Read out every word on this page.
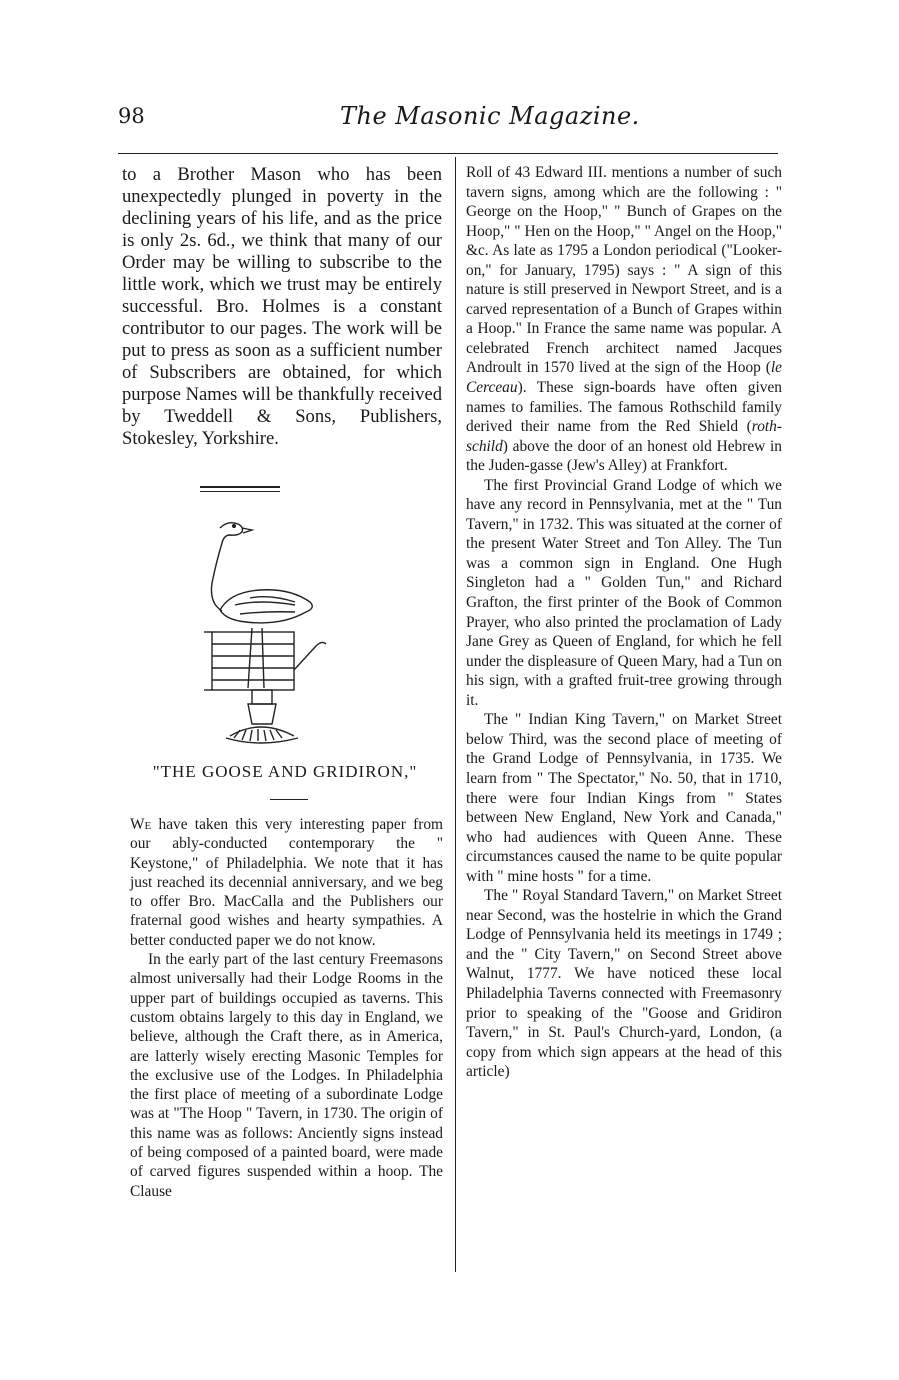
98	The Masonic Magazine.

to a Brother Mason who has been unexpectedly plunged in poverty in the declining years of his life, and as the price is only 2s. 6d., we think that many of our Order may be willing to subscribe to the little work, which we trust may be entirely successful. Bro. Holmes is a constant contributor to our pages. The work will be put to press as soon as a sufficient number of Subscribers are obtained, for which purpose Names will be thankfully received by Tweddell & Sons, Publishers, Stokesley, Yorkshire.

"THE GOOSE AND GRIDIRON,"

We have taken this very interesting paper from our ably-conducted contemporary the " Keystone," of Philadelphia. We note that it has just reached its decennial anniversary, and we beg to offer Bro. MacCalla and the Publishers our fraternal good wishes and hearty sympathies. A better conducted paper we do not know.

In the early part of the last century Freemasons almost universally had their Lodge Rooms in the upper part of buildings occupied as taverns. This custom obtains largely to this day in England, we believe, although the Craft there, as in America, are latterly wisely erecting Masonic Temples for the exclusive use of the Lodges. In Philadelphia the first place of meeting of a subordinate Lodge was at "The Hoop " Tavern, in 1730. The origin of this name was as follows: Anciently signs instead of being composed of a painted board, were made of carved figures suspended within a hoop. The Clause

Roll of 43 Edward III. mentions a number of such tavern signs, among which are the following : " George on the Hoop," " Bunch of Grapes on the Hoop," " Hen on the Hoop," " Angel on the Hoop," &c. As late as 1795 a London periodical ("Looker-on," for January, 1795) says : " A sign of this nature is still preserved in Newport Street, and is a carved representation of a Bunch of Grapes within a Hoop." In France the same name was popular. A celebrated French architect named Jacques Androult in 1570 lived at the sign of the Hoop (le Cerceau). These sign-boards have often given names to families. The famous Rothschild family derived their name from the Red Shield (roth-schild) above the door of an honest old Hebrew in the Juden-gasse (Jew's Alley) at Frankfort.

The first Provincial Grand Lodge of which we have any record in Pennsylvania, met at the " Tun Tavern," in 1732. This was situated at the corner of the present Water Street and Ton Alley. The Tun was a common sign in England. One Hugh Singleton had a " Golden Tun," and Richard Grafton, the first printer of the Book of Common Prayer, who also printed the proclamation of Lady Jane Grey as Queen of England, for which he fell under the displeasure of Queen Mary, had a Tun on his sign, with a grafted fruit-tree growing through it.

The " Indian King Tavern," on Market Street below Third, was the second place of meeting of the Grand Lodge of Pennsylvania, in 1735. We learn from " The Spectator," No. 50, that in 1710, there were four Indian Kings from " States between New England, New York and Canada," who had audiences with Queen Anne. These circumstances caused the name to be quite popular with " mine hosts " for a time.

The " Royal Standard Tavern," on Market Street near Second, was the hostelrie in which the Grand Lodge of Pennsylvania held its meetings in 1749 ; and the " City Tavern," on Second Street above Walnut, 1777. We have noticed these local Philadelphia Taverns connected with Freemasonry prior to speaking of the "Goose and Gridiron Tavern," in St. Paul's Church-yard, London, (a copy from which sign appears at the head of this article)
